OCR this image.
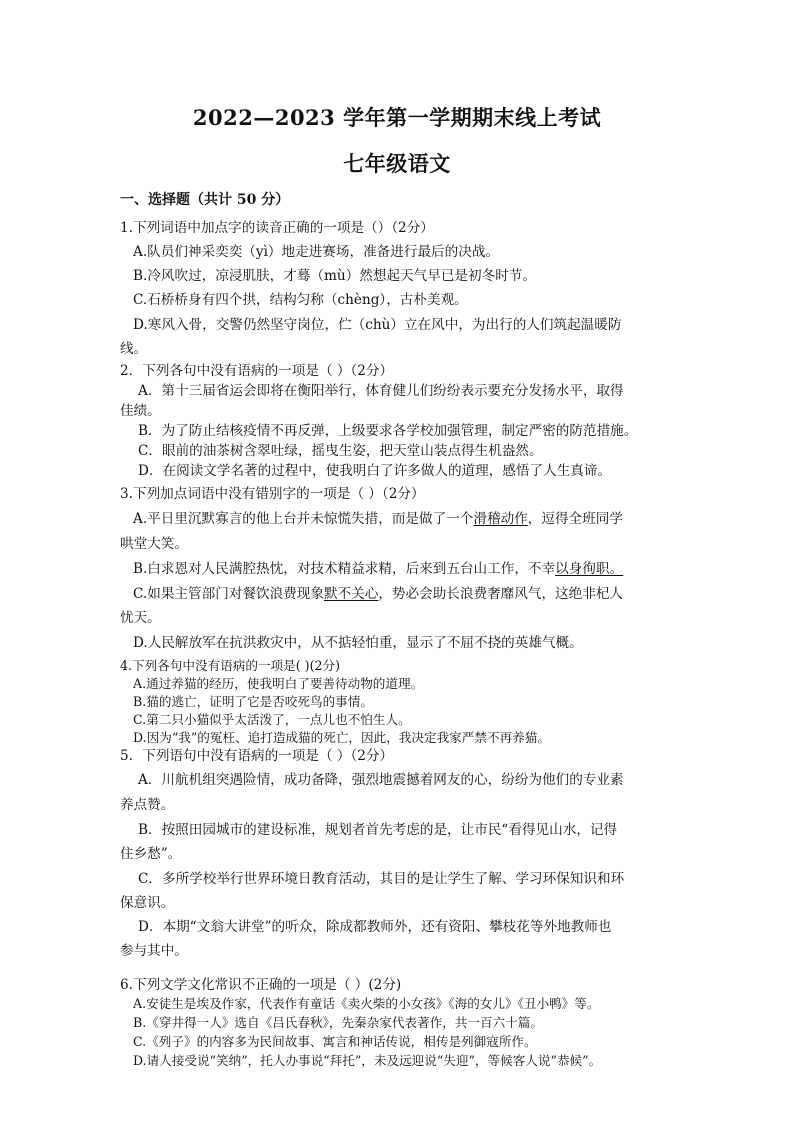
2022—2023 学年第一学期期末线上考试
七年级语文
一、选择题（共计 50 分）
1.下列词语中加点字的读音正确的一项是（）（2分）
A.队员们神采奕奕（yì）地走进赛场，准备进行最后的决战。
B.冷风吹过，凉浸肌肤，才蓦（mù）然想起天气早已是初冬时节。
C.石桥桥身有四个拱，结构匀称（chèng），古朴美观。
D.寒风入骨，交警仍然坚守岗位，伫（chù）立在风中，为出行的人们筑起温暖防
线。
2．下列各句中没有语病的一项是（ ）（2分）
A．第十三届省运会即将在衡阳举行，体育健儿们纷纷表示要充分发扬水平，取得
佳绩。
B．为了防止结核疫情不再反弹，上级要求各学校加强管理，制定严密的防范措施。
C．眼前的油茶树含翠吐绿，摇曳生姿，把天堂山装点得生机盎然。
D．在阅读文学名著的过程中，使我明白了许多做人的道理，感悟了人生真谛。
3.下列加点词语中没有错别字的一项是（ ）（2分）
A.平日里沉默寡言的他上台并未惊慌失措，而是做了一个滑稽动作，逗得全班同学
哄堂大笑。
B.白求恩对人民满腔热忱，对技术精益求精，后来到五台山工作，不幸以身徇职。
C.如果主管部门对餐饮浪费现象默不关心，势必会助长浪费奢靡风气，这绝非杞人
忧天。
D.人民解放军在抗洪救灾中，从不掂轻怕重，显示了不屈不挠的英雄气概。
4.下列各句中没有语病的一项是( )(2分)
A.通过养猫的经历，使我明白了要善待动物的道理。
B.猫的逃亡，证明了它是否咬死鸟的事情。
C.第二只小猫似乎太活泼了，一点儿也不怕生人。
D.因为“我”的冤枉、追打造成猫的死亡，因此，我决定我家严禁不再养猫。
5．下列语句中没有语病的一项是（ ）（2分）
A．川航机组突遇险情，成功备降，强烈地震撼着网友的心，纷纷为他们的专业素
养点赞。
B．按照田园城市的建设标准，规划者首先考虑的是，让市民“看得见山水，记得
住乡愁”。
C．多所学校举行世界环境日教育活动，其目的是让学生了解、学习环保知识和环
保意识。
D．本期“文翁大讲堂”的听众，除成都教师外，还有资阳、攀枝花等外地教师也
参与其中。
6.下列文学文化常识不正确的一项是（ ）(2分)
A.安徒生是埃及作家，代表作有童话《卖火柴的小女孩》《海的女儿》《丑小鸭》等。
B.《穿井得一人》选自《吕氏春秋》，先秦杂家代表著作，共一百六十篇。
C.《列子》的内容多为民间故事、寓言和神话传说，相传是列御寇所作。
D.请人接受说“笑纳”，托人办事说“拜托”，未及远迎说“失迎”，等候客人说“恭候”。
